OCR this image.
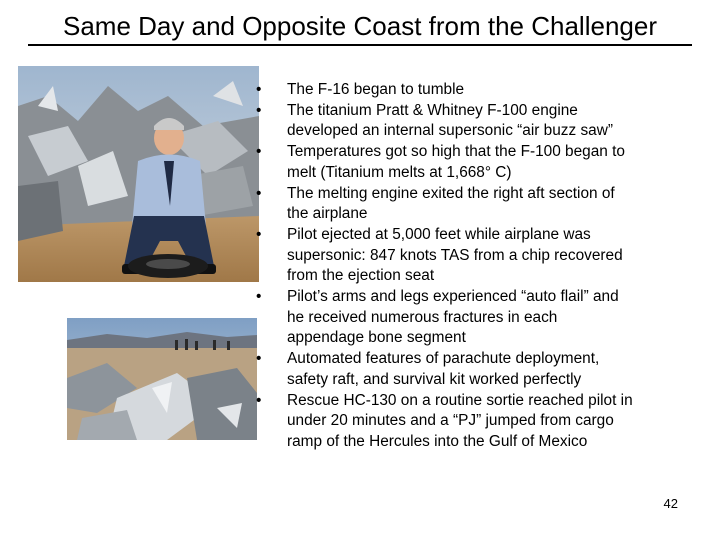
Same Day and Opposite Coast from the Challenger
•	The F-16 began to tumble
•	The titanium Pratt & Whitney F-100 engine
developed an internal supersonic “air buzz saw”
•	Temperatures got so high that the F-100 began to
melt (Titanium melts at 1,668° C)
•	The melting engine exited the right aft section of
the airplane
•	Pilot ejected at 5,000 feet while airplane was
supersonic: 847 knots TAS from a chip recovered
from the ejection seat
•	Pilot’s arms and legs experienced “auto flail” and
he received numerous fractures in each
appendage bone segment
•	Automated features of parachute deployment,
safety raft, and survival kit worked perfectly
•	Rescue HC-130 on a routine sortie reached pilot in
under 20 minutes and a “PJ” jumped from cargo
ramp of the Hercules into the Gulf of Mexico
42
